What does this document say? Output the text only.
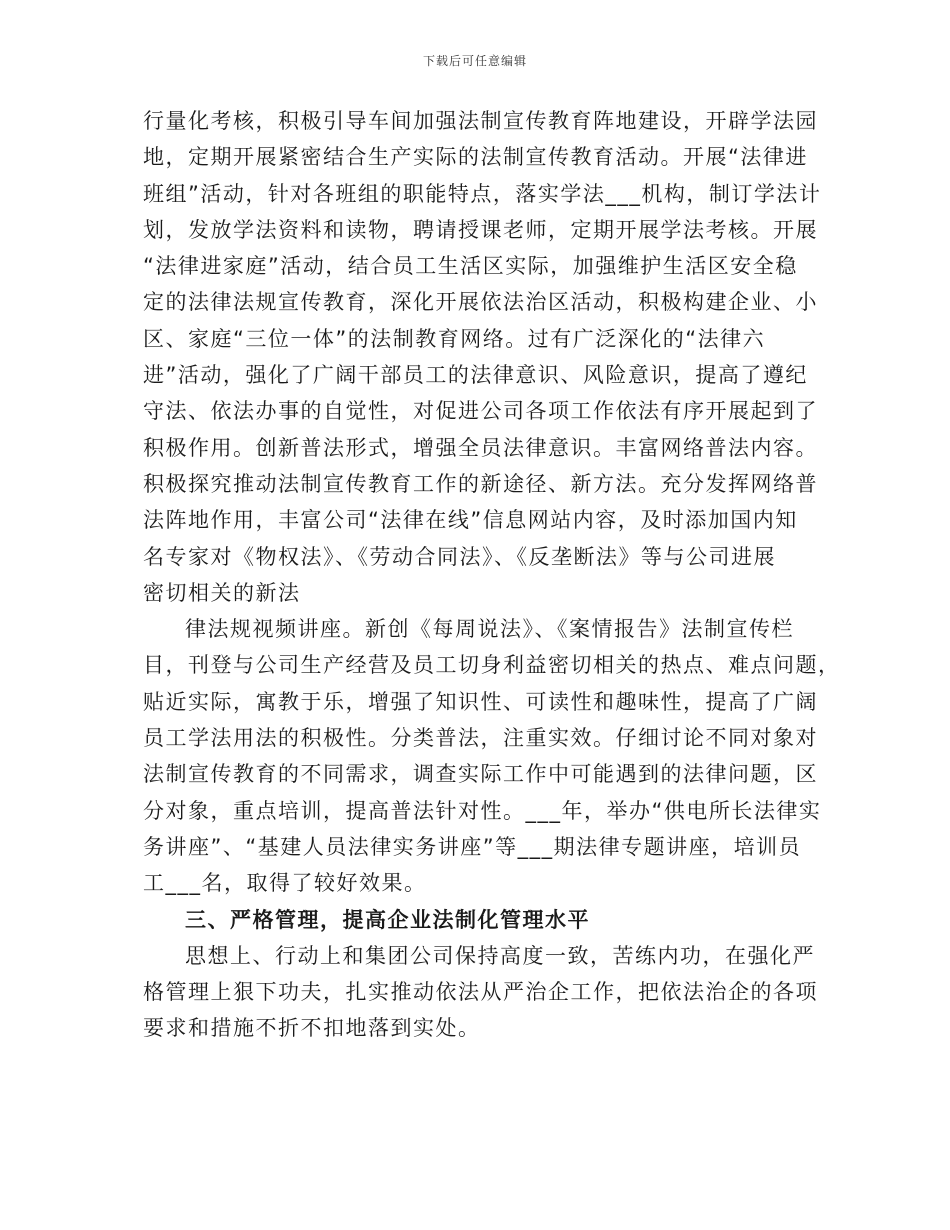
下载后可任意编辑
行量化考核，积极引导车间加强法制宣传教育阵地建设，开辟学法园
地，定期开展紧密结合生产实际的法制宣传教育活动。开展“法律进
班组”活动，针对各班组的职能特点，落实学法___机构，制订学法计
划，发放学法资料和读物，聘请授课老师，定期开展学法考核。开展
“法律进家庭”活动，结合员工生活区实际，加强维护生活区安全稳
定的法律法规宣传教育，深化开展依法治区活动，积极构建企业、小
区、家庭“三位一体”的法制教育网络。过有广泛深化的“法律六
进”活动，强化了广阔干部员工的法律意识、风险意识，提高了遵纪
守法、依法办事的自觉性，对促进公司各项工作依法有序开展起到了
积极作用。创新普法形式，增强全员法律意识。丰富网络普法内容。
积极探究推动法制宣传教育工作的新途径、新方法。充分发挥网络普
法阵地作用，丰富公司“法律在线”信息网站内容，及时添加国内知
名专家对《物权法》、《劳动合同法》、《反垄断法》等与公司进展
密切相关的新法
律法规视频讲座。新创《每周说法》、《案情报告》法制宣传栏
目，刊登与公司生产经营及员工切身利益密切相关的热点、难点问题，
贴近实际，寓教于乐，增强了知识性、可读性和趣味性，提高了广阔
员工学法用法的积极性。分类普法，注重实效。仔细讨论不同对象对
法制宣传教育的不同需求，调查实际工作中可能遇到的法律问题，区
分对象，重点培训，提高普法针对性。___年，举办“供电所长法律实
务讲座”、“基建人员法律实务讲座”等___期法律专题讲座，培训员
工___名，取得了较好效果。
三、严格管理，提高企业法制化管理水平
思想上、行动上和集团公司保持高度一致，苦练内功，在强化严
格管理上狠下功夫，扎实推动依法从严治企工作，把依法治企的各项
要求和措施不折不扣地落到实处。
